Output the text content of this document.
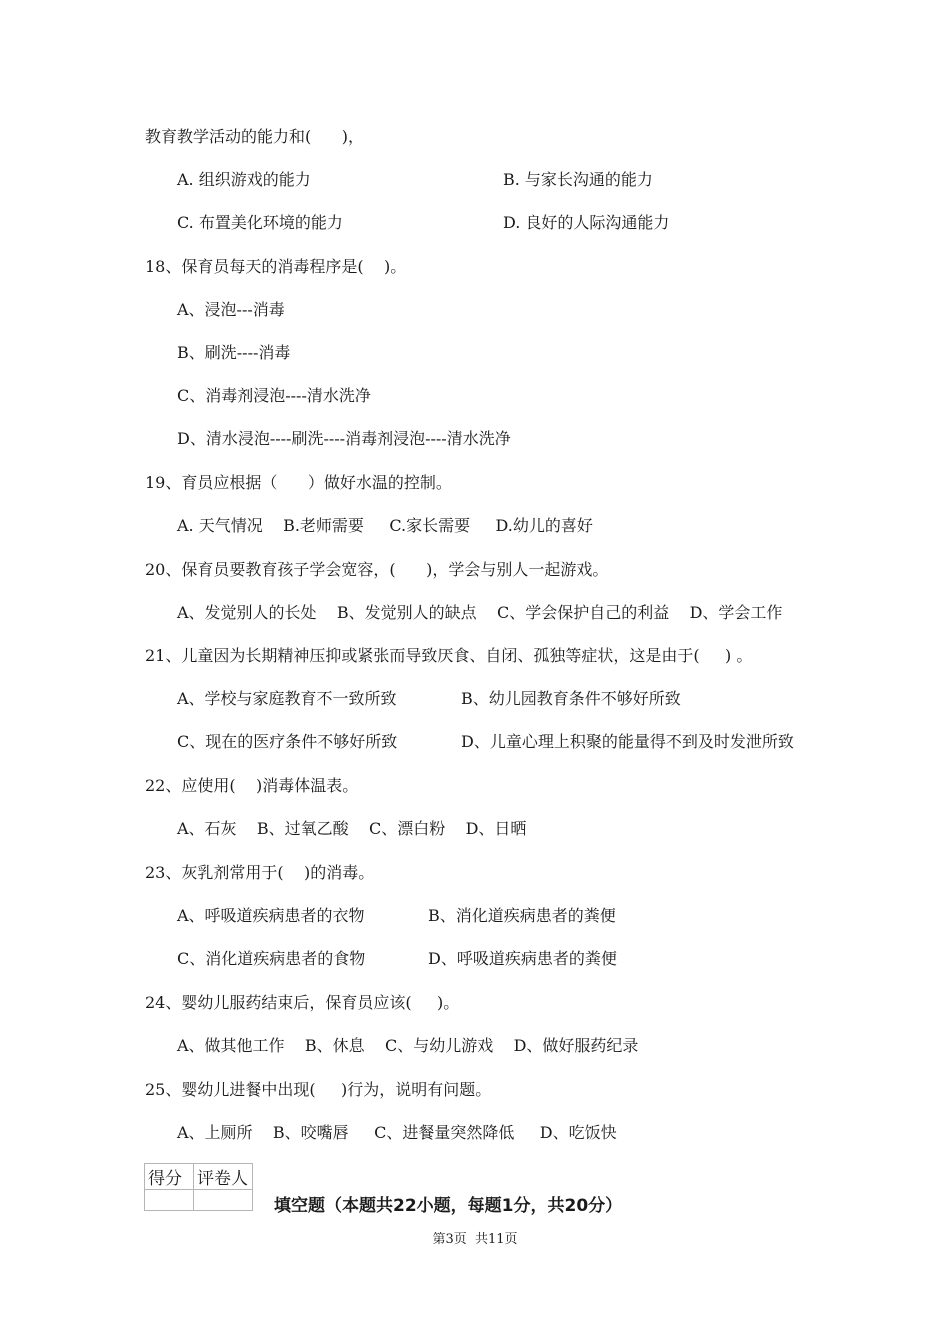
教育教学活动的能力和(      )，
A. 组织游戏的能力	B. 与家长沟通的能力
C. 布置美化环境的能力	D. 良好的人际沟通能力
18、保育员每天的消毒程序是(    )。
A、浸泡---消毒
B、刷洗----消毒
C、消毒剂浸泡----清水洗净
D、清水浸泡----刷洗----消毒剂浸泡----清水洗净
19、育员应根据（      ）做好水温的控制。
A. 天气情况    B.老师需要     C.家长需要     D.幼儿的喜好
20、保育员要教育孩子学会宽容，(      )，学会与别人一起游戏。
A、发觉别人的长处    B、发觉别人的缺点    C、学会保护自己的利益    D、学会工作
21、儿童因为长期精神压抑或紧张而导致厌食、自闭、孤独等症状，这是由于(     ) 。
A、学校与家庭教育不一致所致	B、幼儿园教育条件不够好所致
C、现在的医疗条件不够好所致	D、儿童心理上积聚的能量得不到及时发泄所致
22、应使用(    )消毒体温表。
A、石灰    B、过氧乙酸    C、漂白粉    D、日晒
23、灰乳剂常用于(    )的消毒。
A、呼吸道疾病患者的衣物	B、消化道疾病患者的粪便
C、消化道疾病患者的食物	D、呼吸道疾病患者的粪便
24、婴幼儿服药结束后，保育员应该(     )。
A、做其他工作    B、休息    C、与幼儿游戏    D、做好服药纪录
25、婴幼儿进餐中出现(     )行为，说明有问题。
A、上厕所    B、咬嘴唇     C、进餐量突然降低     D、吃饭快
得分	评卷人

填空题（本题共22小题，每题1分，共20分）
第3页  共11页
